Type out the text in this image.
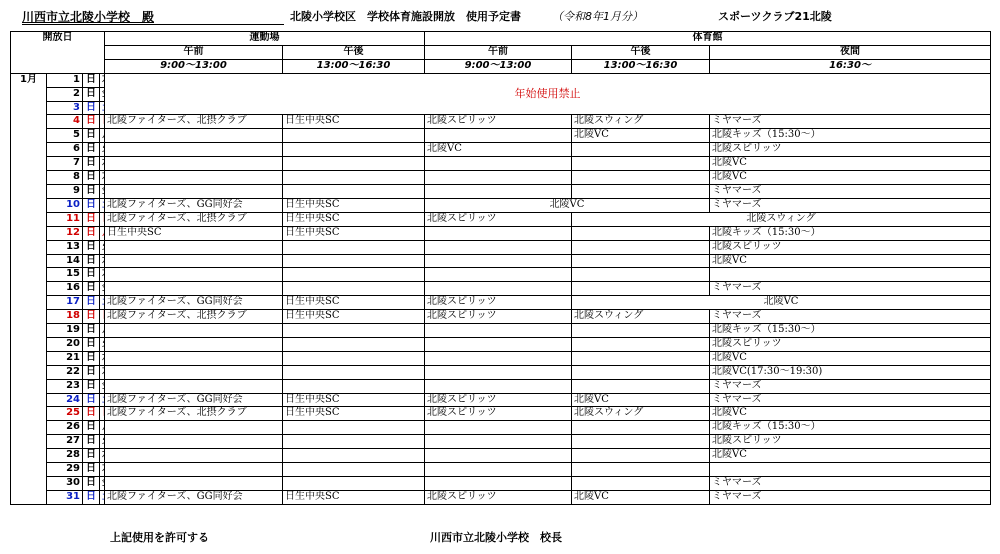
川西市立北陵小学校　殿	北陵小学校区　学校体育施設開放　使用予定書	（令和8年1月分）	スポーツクラブ21北陵
開放日				運動場		体育館		
				午前	午後	午前	午後	夜間
				9:00～13:00	13:00～16:30	9:00～13:00	13:00～16:30	16:30～
1月	1	日		年始使用禁止				
	2	日	
	3	日	
	4	日		北陵ファイターズ、北摂クラブ	日生中央SC	北陵スピリッツ	北陵スウィング	ミヤマーズ
	5	日					北陵VC	北陵キッズ（15:30～）
	6	日				北陵VC		北陵スピリッツ
	7	日						北陵VC
	8	日						北陵VC
	9	日						ミヤマーズ
	10	日		北陵ファイターズ、GG同好会	日生中央SC	北陵VC		ミヤマーズ
	11	日		北陵ファイターズ、北摂クラブ	日生中央SC	北陵スピリッツ	北陵スウィング	
	12	日		日生中央SC	日生中央SC			北陵キッズ（15:30～）
	13	日						北陵スピリッツ
	14	日						北陵VC
	15	日						
	16	日						ミヤマーズ
	17	日		北陵ファイターズ、GG同好会	日生中央SC	北陵スピリッツ	北陵VC	
	18	日		北陵ファイターズ、北摂クラブ	日生中央SC	北陵スピリッツ	北陵スウィング	ミヤマーズ
	19	日						北陵キッズ（15:30～）
	20	日						北陵スピリッツ
	21	日						北陵VC
	22	日						北陵VC(17:30～19:30)
	23	日						ミヤマーズ
	24	日		北陵ファイターズ、GG同好会	日生中央SC	北陵スピリッツ	北陵VC	ミヤマーズ
	25	日		北陵ファイターズ、北摂クラブ	日生中央SC	北陵スピリッツ	北陵スウィング	北陵VC
	26	日						北陵キッズ（15:30～）
	27	日						北陵スピリッツ
	28	日						北陵VC
	29	日						
	30	日						ミヤマーズ
	31	日		北陵ファイターズ、GG同好会	日生中央SC	北陵スピリッツ	北陵VC	ミヤマーズ
上記使用を許可する	川西市立北陵小学校　校長
